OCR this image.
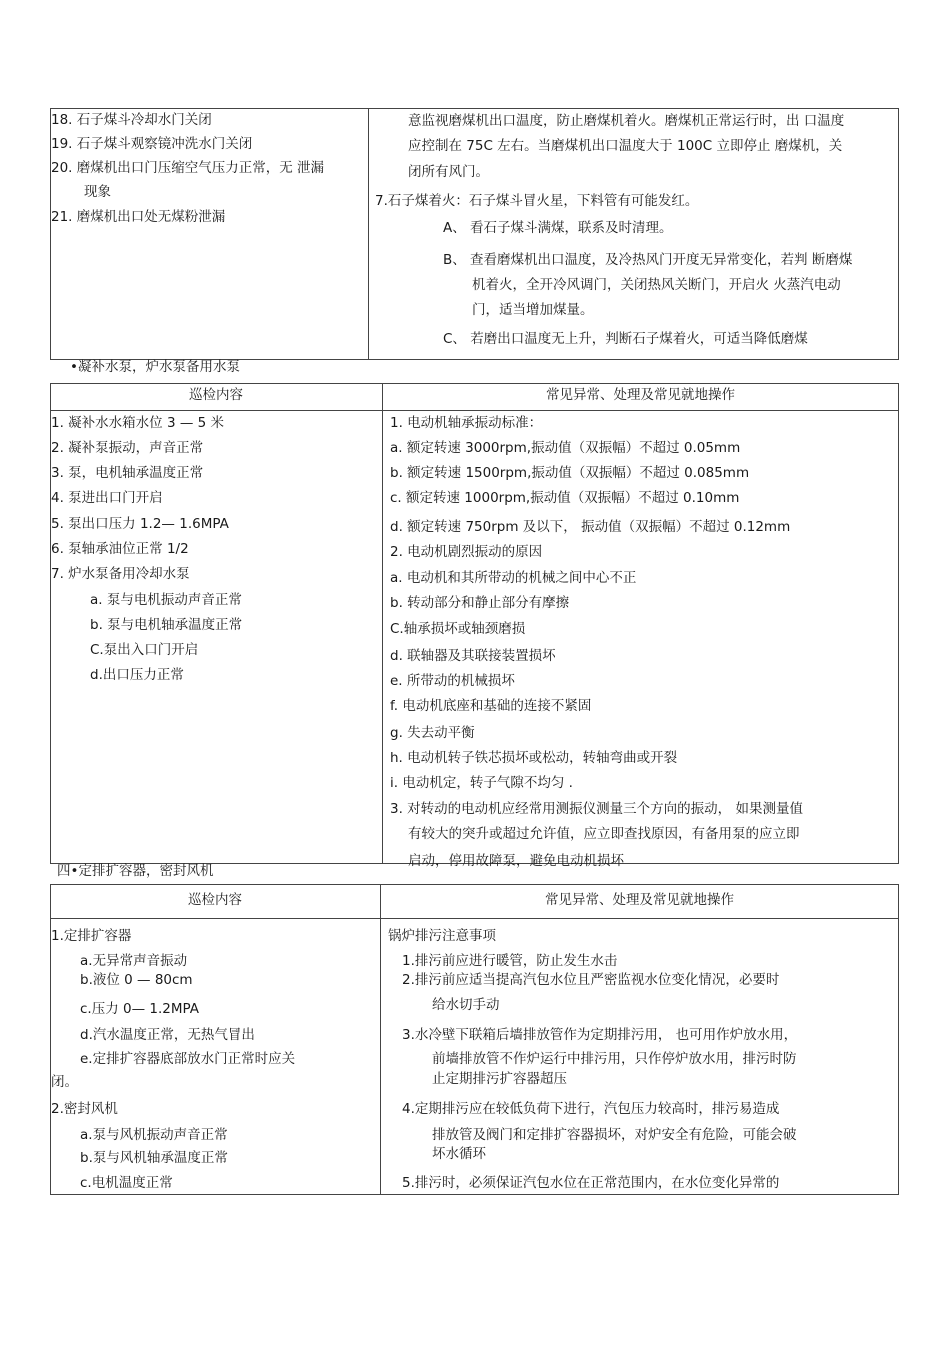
18. 石子煤斗冷却水门关闭
19. 石子煤斗观察镜冲洗水门关闭
20. 磨煤机出口门压缩空气压力正常，无 泄漏
现象
21. 磨煤机出口处无煤粉泄漏
意监视磨煤机出口温度，防止磨煤机着火。磨煤机正常运行时，出 口温度
应控制在 75C 左右。当磨煤机出口温度大于 100C 立即停止 磨煤机，关
闭所有风门。
7.石子煤着火：石子煤斗冒火星，下料管有可能发红。
A、 看石子煤斗满煤，联系及时清理。
B、 查看磨煤机出口温度，及冷热风门开度无异常变化，若判 断磨煤
机着火，全开冷风调门，关闭热风关断门，开启火 火蒸汽电动
门，适当增加煤量。
C、 若磨出口温度无上升，判断石子煤着火，可适当降低磨煤
•凝补水泵，炉水泵备用水泵
巡检内容	常见异常、处理及常见就地操作
1. 凝补水水箱水位 3 — 5 米
2. 凝补泵振动，声音正常
3. 泵，电机轴承温度正常
4. 泵进出口门开启
5. 泵出口压力 1.2— 1.6MPA
6. 泵轴承油位正常 1/2
7. 炉水泵备用冷却水泵
a. 泵与电机振动声音正常
b. 泵与电机轴承温度正常
C.泵出入口门开启
d.出口压力正常
1. 电动机轴承振动标准：
a. 额定转速 3000rpm,振动值（双振幅）不超过 0.05mm
b. 额定转速 1500rpm,振动值（双振幅）不超过 0.085mm
c. 额定转速 1000rpm,振动值（双振幅）不超过 0.10mm
d. 额定转速 750rpm 及以下， 振动值（双振幅）不超过 0.12mm
2. 电动机剧烈振动的原因
a. 电动机和其所带动的机械之间中心不正
b. 转动部分和静止部分有摩擦
C.轴承损坏或轴颈磨损
d. 联轴器及其联接装置损坏
e. 所带动的机械损坏
f. 电动机底座和基础的连接不紧固
g. 失去动平衡
h. 电动机转子铁芯损坏或松动，转轴弯曲或开裂
i. 电动机定，转子气隙不均匀 .
3. 对转动的电动机应经常用测振仪测量三个方向的振动， 如果测量值
有较大的突升或超过允许值，应立即查找原因，有备用泵的应立即
启动，停用故障泵，避免电动机损坏
四•定排扩容器，密封风机
巡检内容	常见异常、处理及常见就地操作
1.定排扩容器
a.无异常声音振动
b.液位 0 — 80cm
c.压力 0— 1.2MPA
d.汽水温度正常，无热气冒出
e.定排扩容器底部放水门正常时应关
闭。
2.密封风机
a.泵与风机振动声音正常
b.泵与风机轴承温度正常
c.电机温度正常
锅炉排污注意事项
1.排污前应进行暖管，防止发生水击
2.排污前应适当提高汽包水位且严密监视水位变化情况，必要时
给水切手动
3.水冷壁下联箱后墙排放管作为定期排污用， 也可用作炉放水用，
前墙排放管不作炉运行中排污用，只作停炉放水用，排污时防
止定期排污扩容器超压
4.定期排污应在较低负荷下进行，汽包压力较高时，排污易造成
排放管及阀门和定排扩容器损坏，对炉安全有危险，可能会破
坏水循环
5.排污时，必须保证汽包水位在正常范围内，在水位变化异常的
